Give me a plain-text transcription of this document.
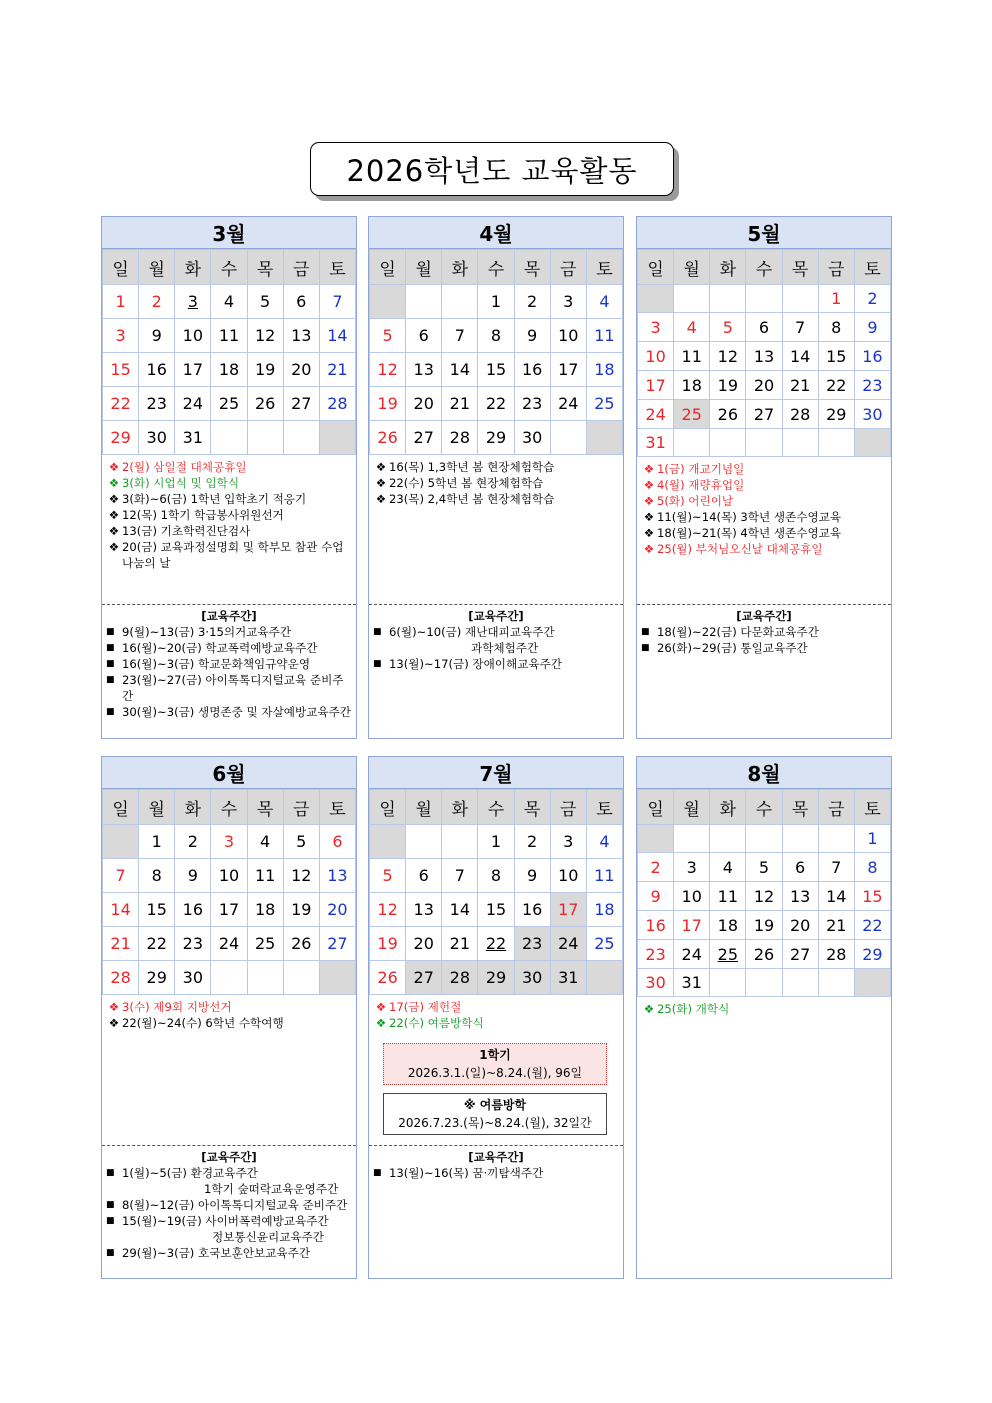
2026학년도 교육활동
3월
일	월	화	수	목	금	토
1	2	3	4	5	6	7
3	9	10	11	12	13	14
15	16	17	18	19	20	21
22	23	24	25	26	27	28
29	30	31				
❖ 2(월) 삼일절 대체공휴일
❖ 3(화) 시업식 및 입학식
❖ 3(화)~6(금) 1학년 입학초기 적응기
❖ 12(목) 1학기 학급봉사위원선거
❖ 13(금) 기초학력진단검사
❖ 20(금) 교육과정설명회 및 학부모 참관 수업 나눔의 날
[교육주간]
■ 9(월)~13(금) 3·15의거교육주간
■ 16(월)~20(금) 학교폭력예방교육주간
■ 16(월)~3(금) 학교문화책임규약운영
■ 23(월)~27(금) 아이톡톡디지털교육 준비주간
■ 30(월)~3(금) 생명존중 및 자살예방교육주간
4월
일	월	화	수	목	금	토
			1	2	3	4
5	6	7	8	9	10	11
12	13	14	15	16	17	18
19	20	21	22	23	24	25
26	27	28	29	30		
❖ 16(목) 1,3학년 봄 현장체험학습
❖ 22(수) 5학년 봄 현장체험학습
❖ 23(목) 2,4학년 봄 현장체험학습
[교육주간]
■ 6(월)~10(금) 재난대피교육주간
과학체험주간
■ 13(월)~17(금) 장애이해교육주간
5월
일	월	화	수	목	금	토
					1	2
3	4	5	6	7	8	9
10	11	12	13	14	15	16
17	18	19	20	21	22	23
24	25	26	27	28	29	30
31						
❖ 1(금) 개교기념일
❖ 4(월) 재량휴업일
❖ 5(화) 어린이날
❖ 11(월)~14(목) 3학년 생존수영교육
❖ 18(월)~21(목) 4학년 생존수영교육
❖ 25(월) 부처님오신날 대체공휴일
[교육주간]
■ 18(월)~22(금) 다문화교육주간
■ 26(화)~29(금) 통일교육주간
6월
일	월	화	수	목	금	토
	1	2	3	4	5	6
7	8	9	10	11	12	13
14	15	16	17	18	19	20
21	22	23	24	25	26	27
28	29	30				
❖ 3(수) 제9회 지방선거
❖ 22(월)~24(수) 6학년 수학여행
[교육주간]
■ 1(월)~5(금) 환경교육주간
1학기 숲떠락교육운영주간
■ 8(월)~12(금) 아이톡톡디지털교육 준비주간
■ 15(월)~19(금) 사이버폭력예방교육주간
정보통신윤리교육주간
■ 29(월)~3(금) 호국보훈안보교육주간
7월
일	월	화	수	목	금	토
			1	2	3	4
5	6	7	8	9	10	11
12	13	14	15	16	17	18
19	20	21	22	23	24	25
26	27	28	29	30	31	
❖ 17(금) 제헌절
❖ 22(수) 여름방학식
1학기
2026.3.1.(일)~8.24.(월), 96일
※ 여름방학
2026.7.23.(목)~8.24.(월), 32일간
[교육주간]
■ 13(월)~16(목) 꿈·끼탐색주간
8월
일	월	화	수	목	금	토
						1
2	3	4	5	6	7	8
9	10	11	12	13	14	15
16	17	18	19	20	21	22
23	24	25	26	27	28	29
30	31					
❖ 25(화) 개학식
